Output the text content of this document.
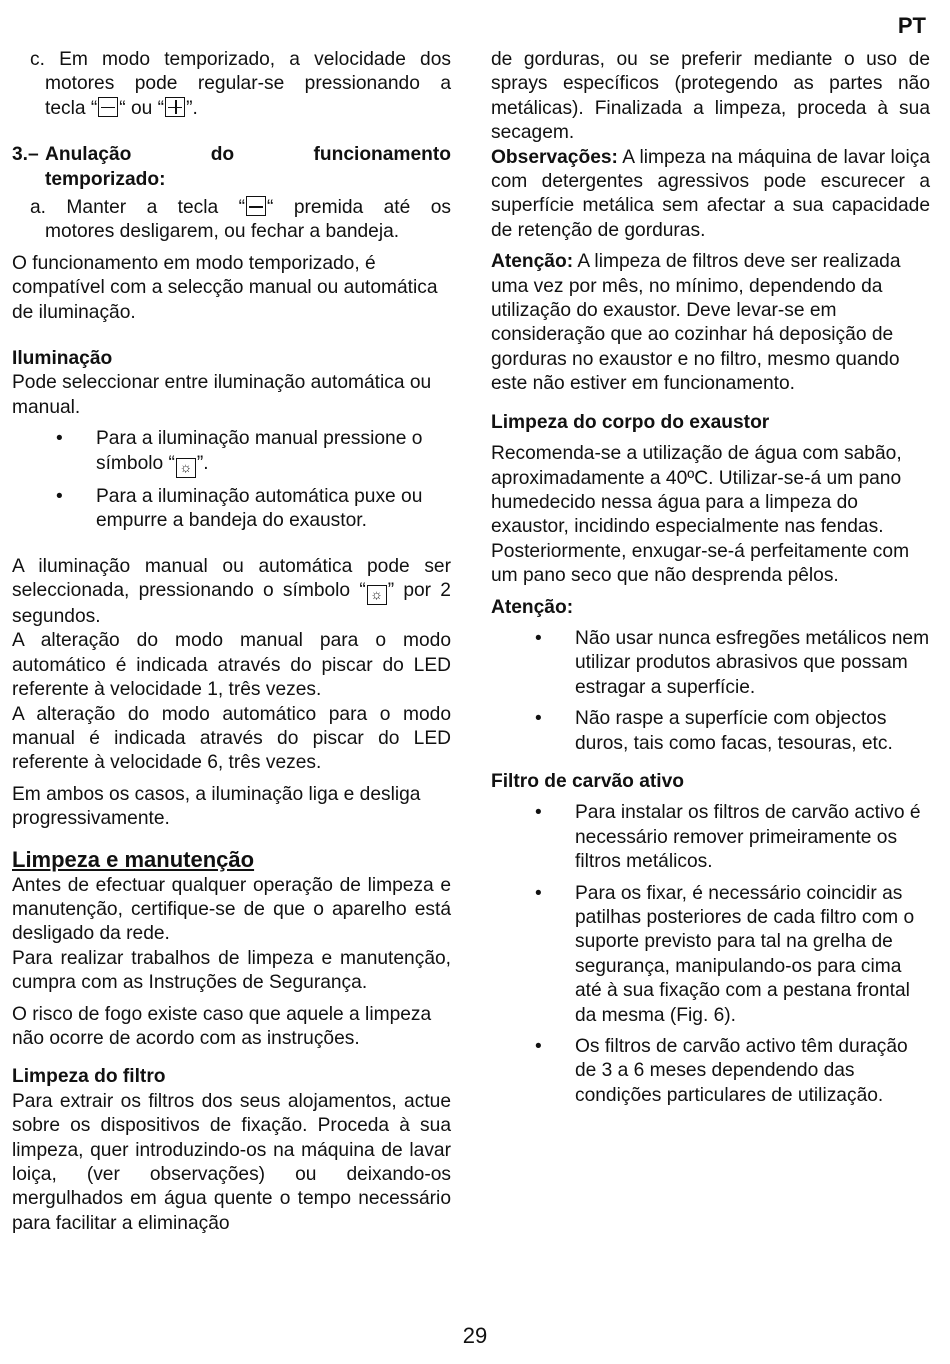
PT

c. Em modo temporizado, a velocidade dos

motores pode regular-se pressionando a

tecla “ “ ou “ ”.

3.– Anulação	do	funcionamento

temporizado:

a. Manter a tecla “ “ premida até os

motores desligarem, ou fechar a bandeja.

O funcionamento em modo temporizado, é compatível com a selecção manual ou automática de iluminação.

Iluminação

Pode seleccionar entre iluminação automática ou manual.

• Para a iluminação manual pressione o símbolo “ ☼ ”.
• Para a iluminação automática puxe ou empurre a bandeja do exaustor.

A iluminação manual ou automática pode ser seleccionada, pressionando o símbolo “ ☼ ” por 2 segundos.

A alteração do modo manual para o modo automático é indicada através do piscar do LED referente à velocidade 1, três vezes.

A alteração do modo automático para o modo manual é indicada através do piscar do LED referente à velocidade 6, três vezes.

Em ambos os casos, a iluminação liga e desliga progressivamente.

Limpeza e manutenção

Antes de efectuar qualquer operação de limpeza e manutenção, certifique-se de que o aparelho está desligado da rede.

Para realizar trabalhos de limpeza e manutenção, cumpra com as Instruções de Segurança.

O risco de fogo existe caso que aquele a limpeza não ocorre de acordo com as instruções.

Limpeza do filtro

Para extrair os filtros dos seus alojamentos, actue sobre os dispositivos de fixação. Proceda à sua limpeza, quer introduzindo-os na máquina de lavar loiça, (ver observações) ou deixando-os mergulhados em água quente o tempo necessário para facilitar a eliminação

de gorduras, ou se preferir mediante o uso de sprays específicos (protegendo as partes não metálicas). Finalizada a limpeza, proceda à sua secagem.

Observações: A limpeza na máquina de lavar loiça com detergentes agressivos pode escurecer a superfície metálica sem afectar a sua capacidade de retenção de gorduras.

Atenção: A limpeza de filtros deve ser realizada uma vez por mês, no mínimo, dependendo da utilização do exaustor. Deve levar-se em consideração que ao cozinhar há deposição de gorduras no exaustor e no filtro, mesmo quando este não estiver em funcionamento.

Limpeza do corpo do exaustor

Recomenda-se a utilização de água com sabão, aproximadamente a 40ºC. Utilizar-se-á um pano humedecido nessa água para a limpeza do exaustor, incidindo especialmente nas fendas. Posteriormente, enxugar-se-á perfeitamente com um pano seco que não desprenda pêlos.

Atenção:

• Não usar nunca esfregões metálicos nem utilizar produtos abrasivos que possam estragar a superfície.
• Não raspe a superfície com objectos duros, tais como facas, tesouras, etc.

Filtro de carvão ativo

• Para instalar os filtros de carvão activo é necessário remover primeiramente os filtros metálicos.
• Para os fixar, é necessário coincidir as patilhas posteriores de cada filtro com o suporte previsto para tal na grelha de segurança, manipulando-os para cima até à sua fixação com a pestana frontal da mesma (Fig. 6).
• Os filtros de carvão activo têm duração de 3 a 6 meses dependendo das condições particulares de utilização.
29
